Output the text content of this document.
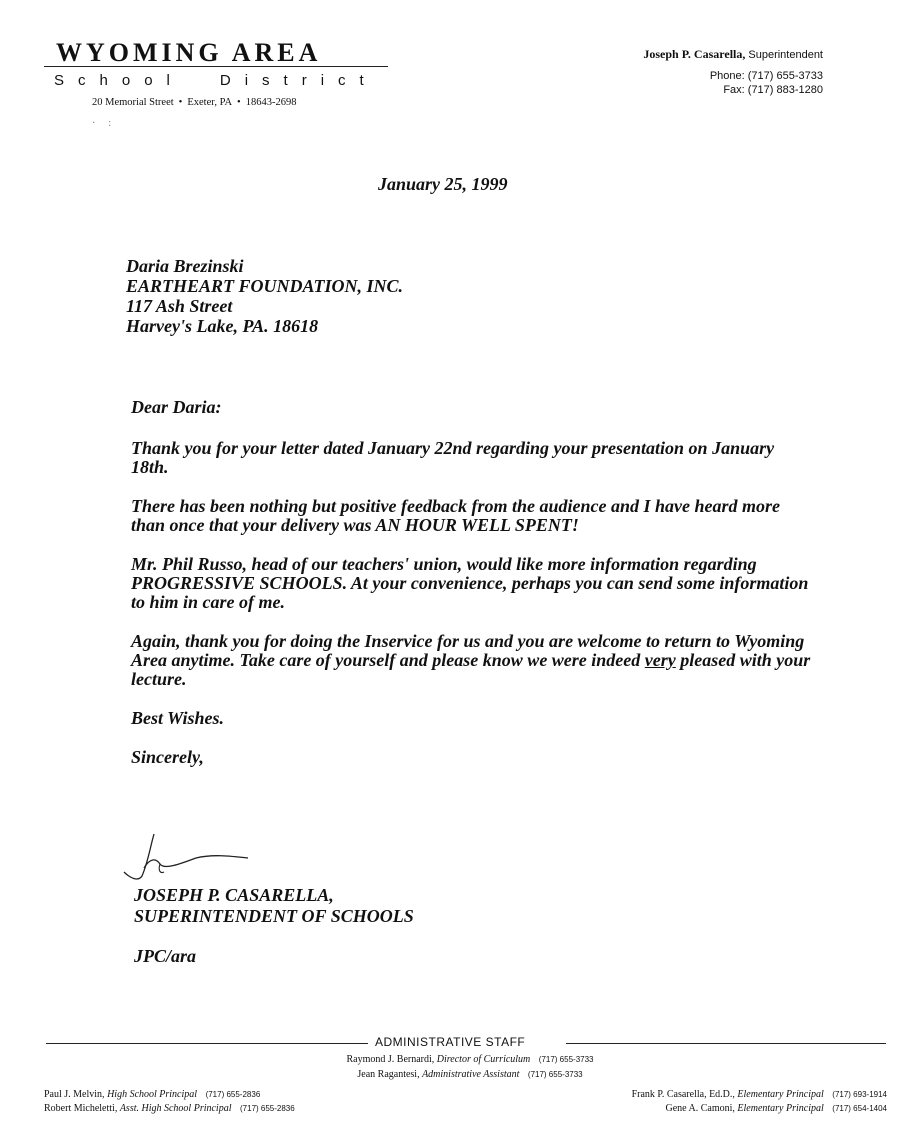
WYOMING AREA
School District
20 Memorial Street • Exeter, PA • 18643-2698
·  :
Joseph P. Casarella, Superintendent
Phone: (717) 655-3733
Fax: (717) 883-1280
January 25, 1999
Daria Brezinski
EARTHEART FOUNDATION, INC.
117 Ash Street
Harvey's Lake, PA. 18618

Dear Daria:

Thank you for your letter dated January 22nd regarding your presentation on January 18th.

There has been nothing but positive feedback from the audience and I have heard more than once that your delivery was AN HOUR WELL SPENT!

Mr. Phil Russo, head of our teachers' union, would like more information regarding PROGRESSIVE SCHOOLS. At your convenience, perhaps you can send some information to him in care of me.

Again, thank you for doing the Inservice for us and you are welcome to return to Wyoming Area anytime. Take care of yourself and please know we were indeed very pleased with your lecture.

Best Wishes.

Sincerely,

JOSEPH P. CASARELLA,
SUPERINTENDENT OF SCHOOLS
JPC/ara
ADMINISTRATIVE STAFF
Raymond J. Bernardi, Director of Curriculum (717) 655-3733
Jean Ragantesi, Administrative Assistant (717) 655-3733
Paul J. Melvin, High School Principal (717) 655-2836
Robert Micheletti, Asst. High School Principal (717) 655-2836
Frank P. Casarella, Ed.D., Elementary Principal (717) 693-1914
Gene A. Camoni, Elementary Principal (717) 654-1404
